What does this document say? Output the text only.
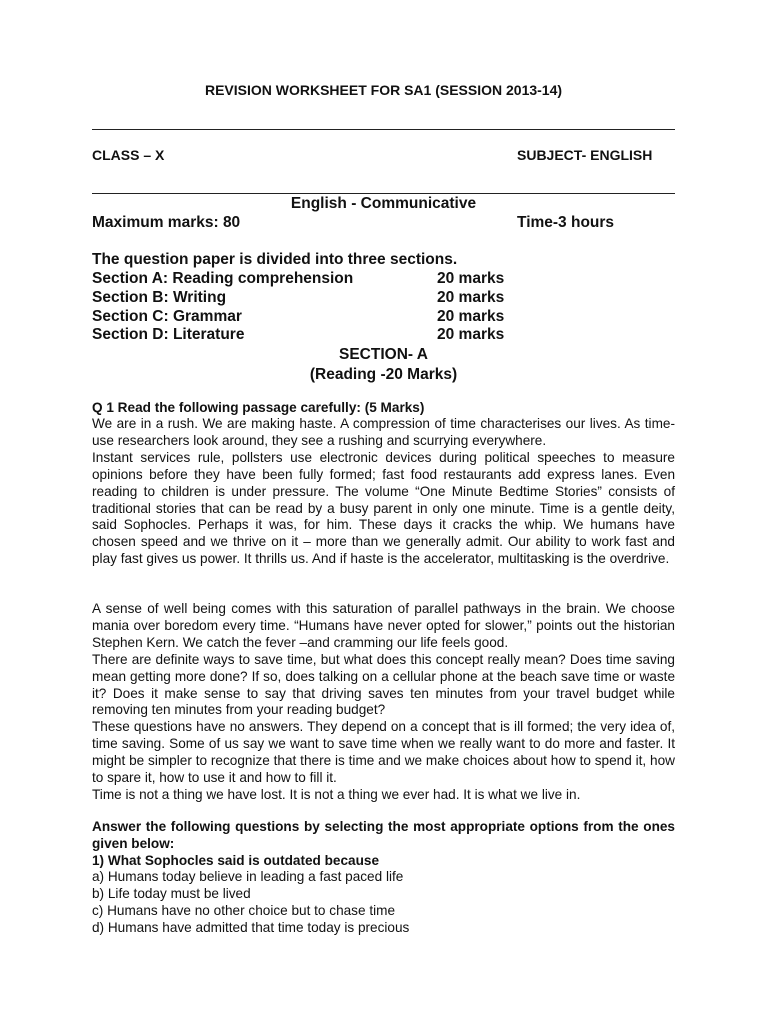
REVISION WORKSHEET FOR SA1 (SESSION 2013-14)
CLASS – X	SUBJECT- ENGLISH
English - Communicative
Maximum marks: 80	Time-3 hours
The question paper is divided into three sections.
Section A: Reading comprehension	20 marks
Section B: Writing	20 marks
Section C: Grammar	20 marks
Section D: Literature	20 marks
SECTION- A
(Reading -20 Marks)
Q 1 Read the following passage carefully: (5 Marks)

We are in a rush. We are making haste. A compression of time characterises our lives. As time-use researchers look around, they see a rushing and scurrying everywhere.

Instant services rule, pollsters use electronic devices during political speeches to measure opinions before they have been fully formed; fast food restaurants add express lanes. Even reading to children is under pressure. The volume “One Minute Bedtime Stories” consists of traditional stories that can be read by a busy parent in only one minute. Time is a gentle deity, said Sophocles. Perhaps it was, for him. These days it cracks the whip. We humans have chosen speed and we thrive on it – more than we generally admit. Our ability to work fast and play fast gives us power. It thrills us. And if haste is the accelerator, multitasking is the overdrive.

A sense of well being comes with this saturation of parallel pathways in the brain. We choose mania over boredom every time. “Humans have never opted for slower,” points out the historian Stephen Kern. We catch the fever –and cramming our life feels good.

There are definite ways to save time, but what does this concept really mean? Does time saving mean getting more done? If so, does talking on a cellular phone at the beach save time or waste it? Does it make sense to say that driving saves ten minutes from your travel budget while removing ten minutes from your reading budget?

These questions have no answers. They depend on a concept that is ill formed; the very idea of, time saving. Some of us say we want to save time when we really want to do more and faster. It might be simpler to recognize that there is time and we make choices about how to spend it, how to spare it, how to use it and how to fill it.

Time is not a thing we have lost. It is not a thing we ever had. It is what we live in.

Answer the following questions by selecting the most appropriate options from the ones given below:
1) What Sophocles said is outdated because
a) Humans today believe in leading a fast paced life
b) Life today must be lived
c) Humans have no other choice but to chase time
d) Humans have admitted that time today is precious
